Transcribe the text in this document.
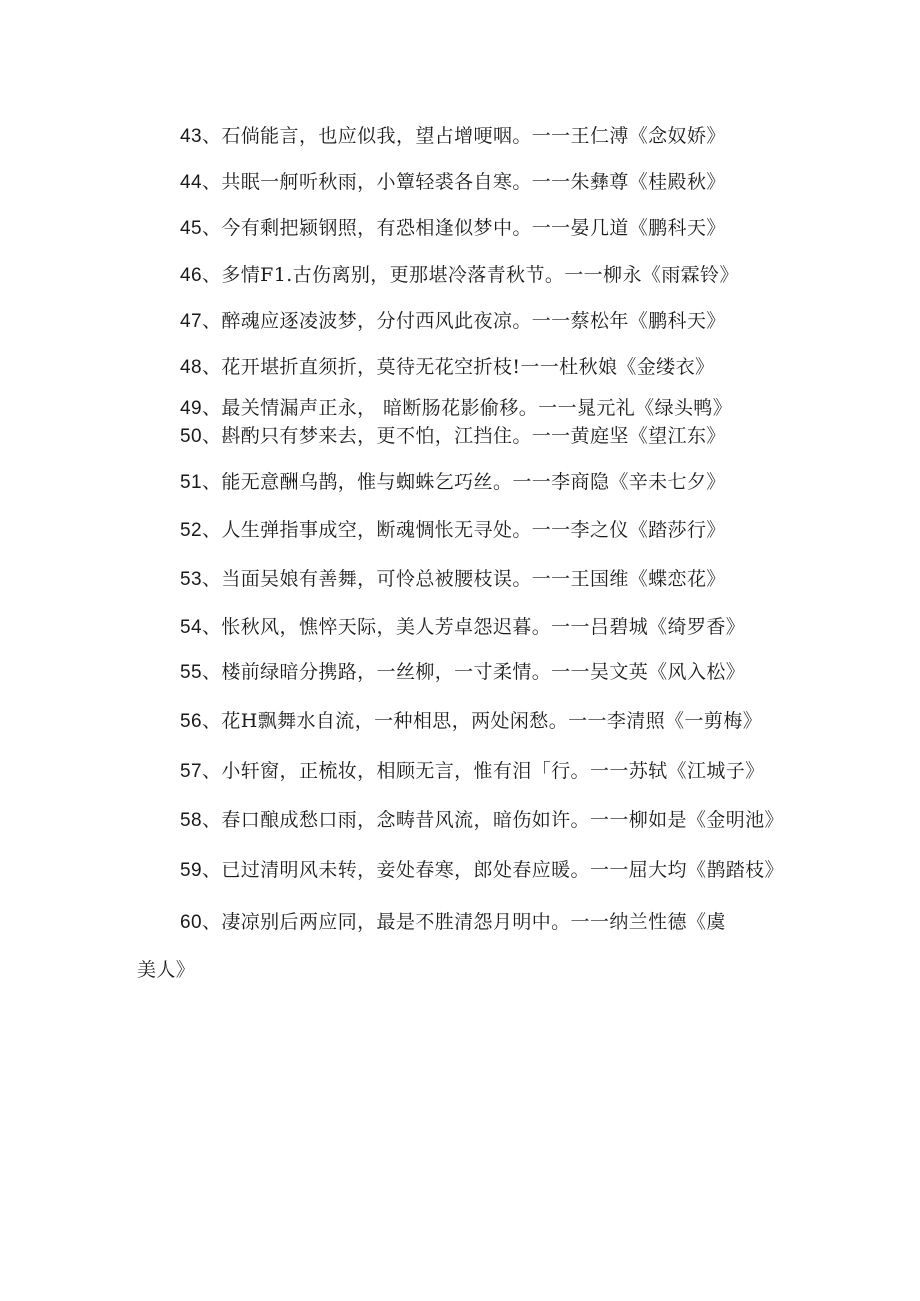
43、石倘能言，也应似我，望占增哽咽。一一王仁溥《念奴娇》
44、共眠一舸听秋雨，小簟轻裘各自寒。一一朱彝尊《桂殿秋》
45、今有剩把颍钢照，有恐相逢似梦中。一一晏几道《鹏科天》
46、多情F1.古伤离别，更那堪冷落青秋节。一一柳永《雨霖铃》
47、醉魂应逐凌波梦，分付西风此夜凉。一一蔡松年《鹏科天》
48、花开堪折直须折，莫待无花空折枝!一一杜秋娘《金缕衣》
49、最关情漏声正永， 暗断肠花影偷移。一一晁元礼《绿头鸭》
50、斟酌只有梦来去，更不怕，江挡住。一一黄庭坚《望江东》
51、能无意酬乌鹊，惟与蜘蛛乞巧丝。一一李商隐《辛未七夕》
52、人生弹指事成空，断魂惆怅无寻处。一一李之仪《踏莎行》
53、当面吴娘有善舞，可怜总被腰枝误。一一王国维《蝶恋花》
54、怅秋风，憔悴天际，美人芳卓怨迟暮。一一吕碧城《绮罗香》
55、楼前绿暗分携路，一丝柳，一寸柔情。一一吴文英《风入松》
56、花H飘舞水自流，一种相思，两处闲愁。一一李清照《一剪梅》
57、小轩窗，正梳妆，相顾无言，惟有泪「行。一一苏轼《江城子》
58、春口酿成愁口雨，念畴昔风流，暗伤如许。一一柳如是《金明池》
59、已过清明风未转，妾处春寒，郎处春应暖。一一屈大均《鹊踏枝》
60、凄凉别后两应同，最是不胜清怨月明中。一一纳兰性德《虞
美人》
